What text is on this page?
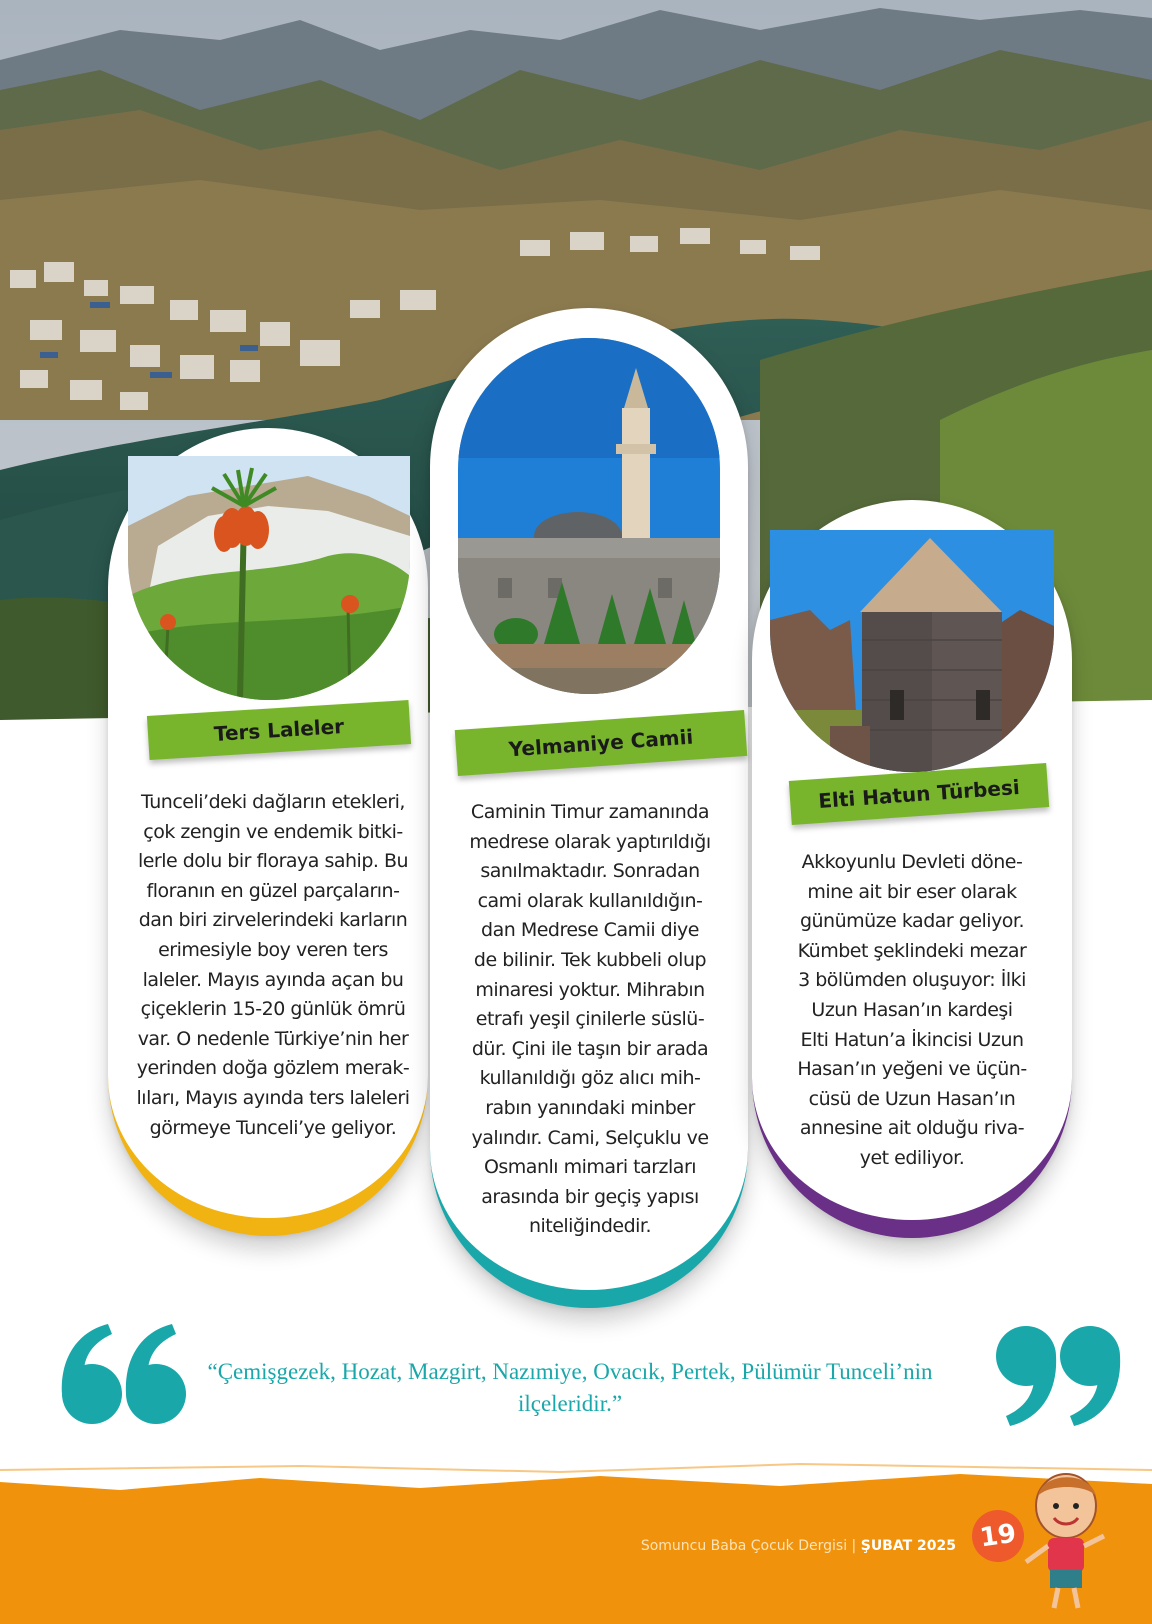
Ters Laleler	Yelmaniye Camii
Elti Hatun Türbesi
Tunceli’deki dağların etekleri,
çok zengin ve endemik bitki-
lerle dolu bir floraya sahip. Bu
floranın en güzel parçaların-
dan biri zirvelerindeki karların
erimesiyle boy veren ters
laleler. Mayıs ayında açan bu
çiçeklerin 15-20 günlük ömrü
var. O nedenle Türkiye’nin her
yerinden doğa gözlem merak-
lıları, Mayıs ayında ters laleleri
görmeye Tunceli’ye geliyor.
Caminin Timur zamanında
medrese olarak yaptırıldığı
sanılmaktadır. Sonradan
cami olarak kullanıldığın-
dan Medrese Camii diye
de bilinir. Tek kubbeli olup
minaresi yoktur. Mihrabın
etrafı yeşil çinilerle süslü-
dür. Çini ile taşın bir arada
kullanıldığı göz alıcı mih-
rabın yanındaki minber
yalındır. Cami, Selçuklu ve
Osmanlı mimari tarzları
arasında bir geçiş yapısı
niteliğindedir.
Akkoyunlu Devleti döne-
mine ait bir eser olarak
günümüze kadar geliyor.
Kümbet şeklindeki mezar
3 bölümden oluşuyor: İlki
Uzun Hasan’ın kardeşi
Elti Hatun’a İkincisi Uzun
Hasan’ın yeğeni ve üçün-
cüsü de Uzun Hasan’ın
annesine ait olduğu riva-
yet ediliyor.
“Çemişgezek, Hozat, Mazgirt, Nazımiye, Ovacık, Pertek, Pülümür Tunceli’nin
ilçeleridir.”
Somuncu Baba Çocuk Dergisi | ŞUBAT 2025 19
